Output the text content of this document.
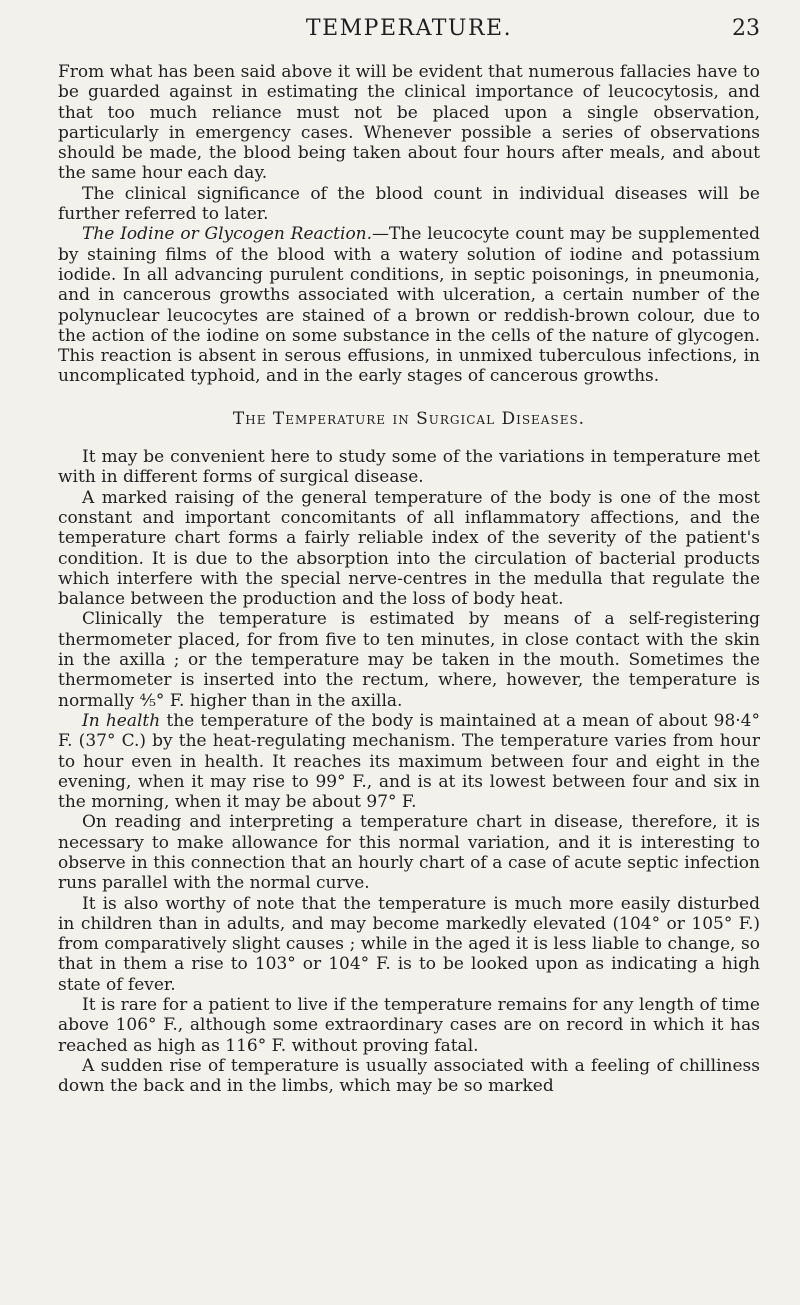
TEMPERATURE.	23

From what has been said above it will be evident that numerous fallacies have to be guarded against in estimating the clinical importance of leucocytosis, and that too much reliance must not be placed upon a single observation, particularly in emergency cases. Whenever possible a series of observations should be made, the blood being taken about four hours after meals, and about the same hour each day.

The clinical significance of the blood count in individual diseases will be further referred to later.

The Iodine or Glycogen Reaction.—The leucocyte count may be supplemented by staining films of the blood with a watery solution of iodine and potassium iodide. In all advancing purulent conditions, in septic poisonings, in pneumonia, and in cancerous growths associated with ulceration, a certain number of the polynuclear leucocytes are stained of a brown or reddish-brown colour, due to the action of the iodine on some substance in the cells of the nature of glycogen. This reaction is absent in serous effusions, in unmixed tuberculous infections, in uncomplicated typhoid, and in the early stages of cancerous growths.

The Temperature in Surgical Diseases.

It may be convenient here to study some of the variations in temperature met with in different forms of surgical disease.

A marked raising of the general temperature of the body is one of the most constant and important concomitants of all inflammatory affections, and the temperature chart forms a fairly reliable index of the severity of the patient's condition. It is due to the absorption into the circulation of bacterial products which interfere with the special nerve-centres in the medulla that regulate the balance between the production and the loss of body heat.

Clinically the temperature is estimated by means of a self-registering thermometer placed, for from five to ten minutes, in close contact with the skin in the axilla ; or the temperature may be taken in the mouth. Sometimes the thermometer is inserted into the rectum, where, however, the temperature is normally ⅘° F. higher than in the axilla.

In health the temperature of the body is maintained at a mean of about 98·4° F. (37° C.) by the heat-regulating mechanism. The temperature varies from hour to hour even in health. It reaches its maximum between four and eight in the evening, when it may rise to 99° F., and is at its lowest between four and six in the morning, when it may be about 97° F.

On reading and interpreting a temperature chart in disease, therefore, it is necessary to make allowance for this normal variation, and it is interesting to observe in this connection that an hourly chart of a case of acute septic infection runs parallel with the normal curve.

It is also worthy of note that the temperature is much more easily disturbed in children than in adults, and may become markedly elevated (104° or 105° F.) from comparatively slight causes ; while in the aged it is less liable to change, so that in them a rise to 103° or 104° F. is to be looked upon as indicating a high state of fever.

It is rare for a patient to live if the temperature remains for any length of time above 106° F., although some extraordinary cases are on record in which it has reached as high as 116° F. without proving fatal.

A sudden rise of temperature is usually associated with a feeling of chilliness down the back and in the limbs, which may be so marked
